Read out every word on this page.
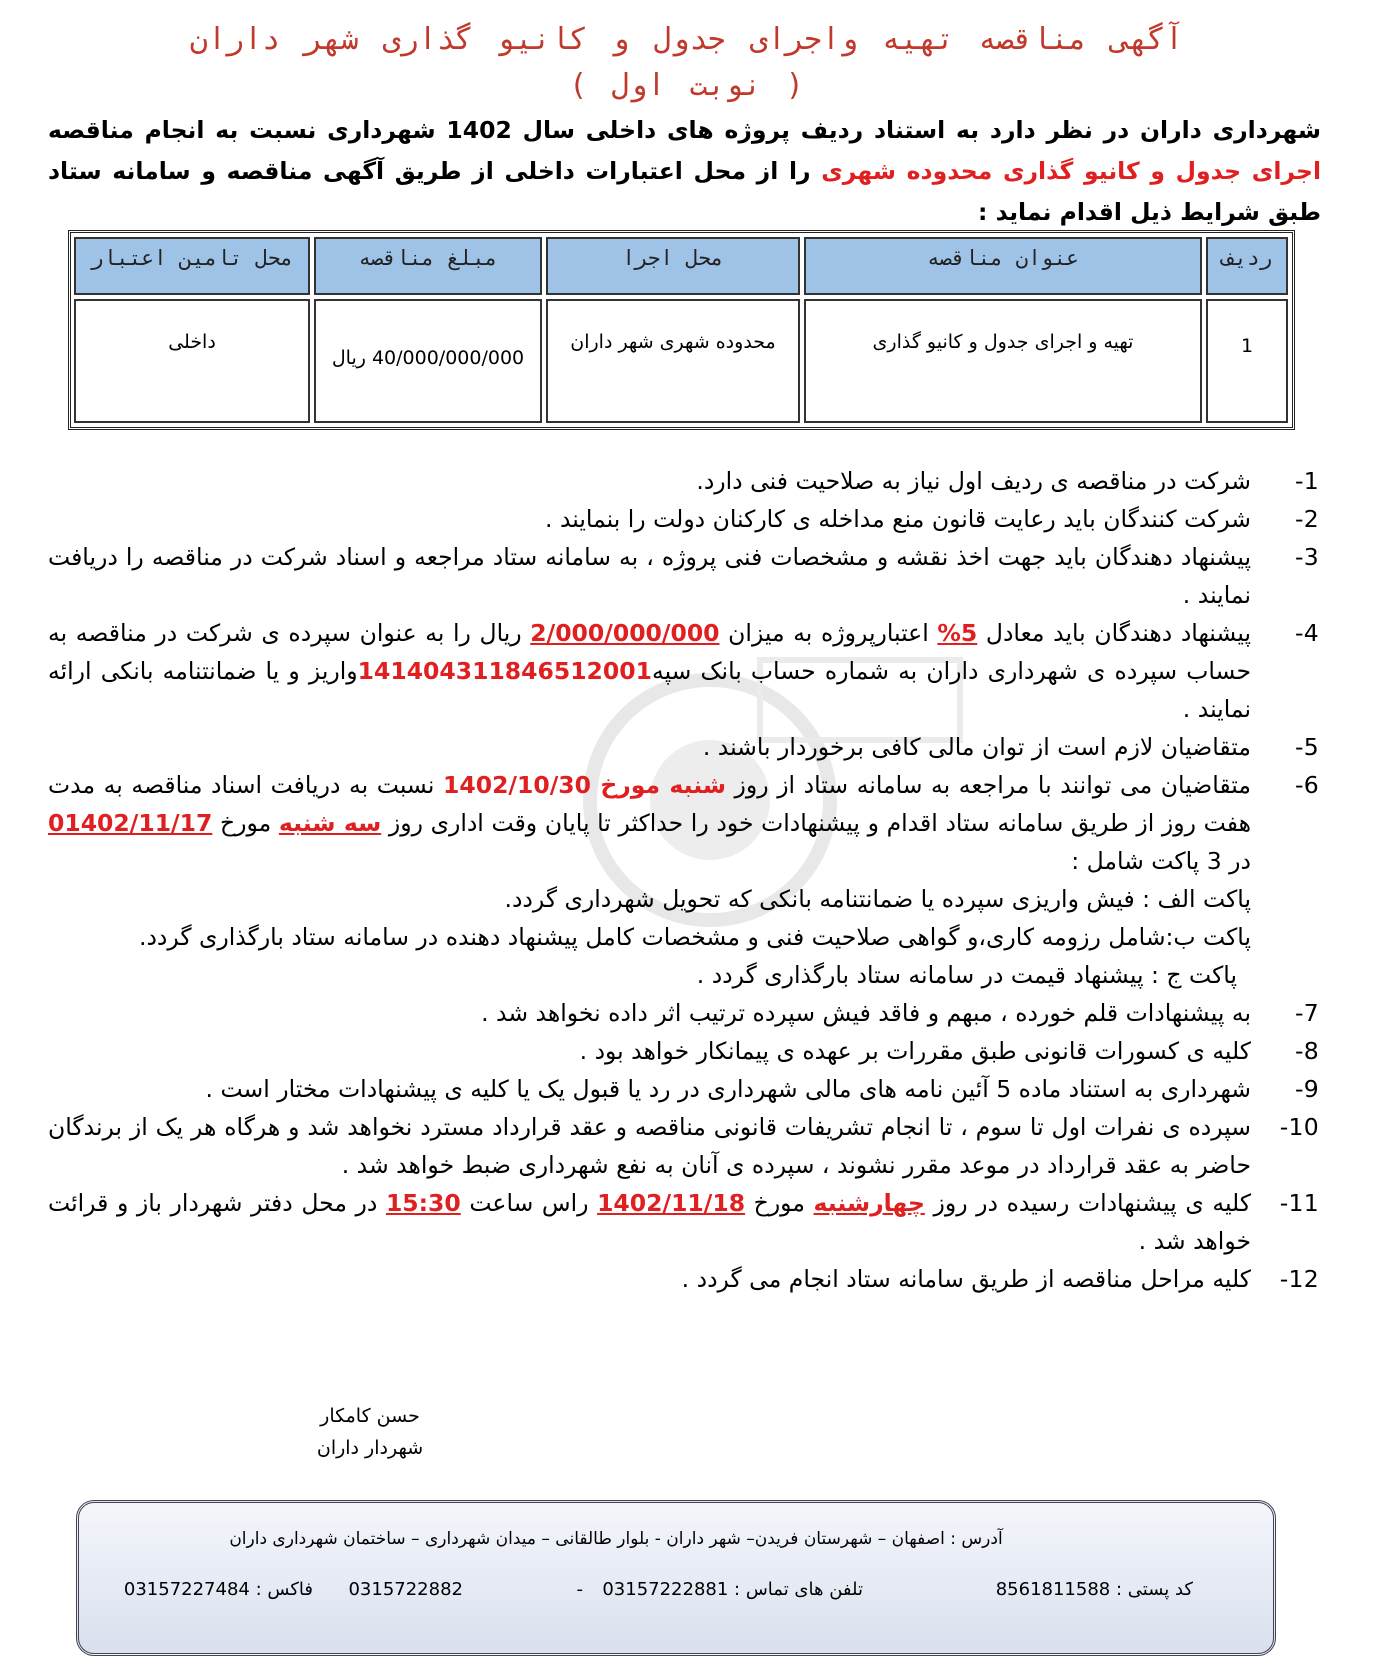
آگهی مناقصه تهیه واجرای جدول و کانیو گذاری شهر داران
( نوبت اول )
شهرداری داران در نظر دارد به استناد ردیف پروژه های داخلی سال 1402 شهرداری نسبت به انجام مناقصه اجرای جدول و کانیو گذاری محدوده شهری را از محل اعتبارات داخلی از طریق آگهی مناقصه و سامانه ستاد طبق شرایط ذیل اقدام نماید :
ردیف
عنوان مناقصه
محل اجرا
مبلغ مناقصه
محل تامین اعتبار
1
تهیه و اجرای جدول و کانیو گذاری
محدوده شهری شهر داران
40/000/000/000 ریال
داخلی
-1
شرکت در مناقصه ی ردیف اول نیاز به صلاحیت فنی دارد.
-2
شرکت کنندگان باید رعایت قانون منع مداخله ی کارکنان دولت را بنمایند .
-3
پیشنهاد دهندگان باید جهت اخذ نقشه و مشخصات فنی پروژه ، به سامانه ستاد مراجعه و اسناد شرکت در مناقصه را دریافت نمایند .
-4
پیشنهاد دهندگان باید معادل 5% اعتبارپروژه به میزان 2/000/000/000 ریال را به عنوان سپرده ی شرکت در مناقصه به حساب سپرده ی شهرداری داران به شماره حساب بانک سپه141404311846512001واریز و یا ضمانتنامه بانکی ارائه نمایند .
-5
متقاضیان لازم است از توان مالی کافی برخوردار باشند .
-6
متقاضیان می توانند با مراجعه به سامانه ستاد از روز شنبه مورخ 1402/10/30 نسبت به دریافت اسناد مناقصه به مدت هفت روز از طریق سامانه ستاد اقدام و پیشنهادات خود را حداکثر تا پایان وقت اداری روز سه شنبه مورخ 01402/11/17 در 3 پاکت شامل :
پاکت الف : فیش واریزی سپرده یا ضمانتنامه بانکی که تحویل شهرداری گردد.
پاکت ب:شامل رزومه کاری،و گواهی صلاحیت فنی و مشخصات کامل پیشنهاد دهنده در سامانه ستاد بارگذاری گردد.
پاکت ج : پیشنهاد قیمت در سامانه ستاد بارگذاری گردد .
-7
به پیشنهادات قلم خورده ، مبهم و فاقد فیش سپرده ترتیب اثر داده نخواهد شد .
-8
کلیه ی کسورات قانونی طبق مقررات بر عهده ی پیمانکار خواهد بود .
-9
شهرداری به استناد ماده 5 آئین نامه های مالی شهرداری در رد یا قبول یک یا کلیه ی پیشنهادات مختار است .
-10
سپرده ی نفرات اول تا سوم ، تا انجام تشریفات قانونی مناقصه و عقد قرارداد مسترد نخواهد شد و هرگاه هر یک از برندگان حاضر به عقد قرارداد در موعد مقرر نشوند ، سپرده ی آنان به نفع شهرداری ضبط خواهد شد .
-11
کلیه ی پیشنهادات رسیده در روز چهارشنبه مورخ 1402/11/18 راس ساعت 15:30 در محل دفتر شهردار باز و قرائت خواهد شد .
-12
کلیه مراحل مناقصه از طریق سامانه ستاد انجام می گردد .
حسن کامکار
شهردار داران
آدرس : اصفهان – شهرستان فریدن– شهر داران - بلوار طالقانی – میدان شهرداری – ساختمان شهرداری داران
کد پستی : 8561811588
تلفن های تماس : 03157222881
-
0315722882
فاکس : 03157227484
